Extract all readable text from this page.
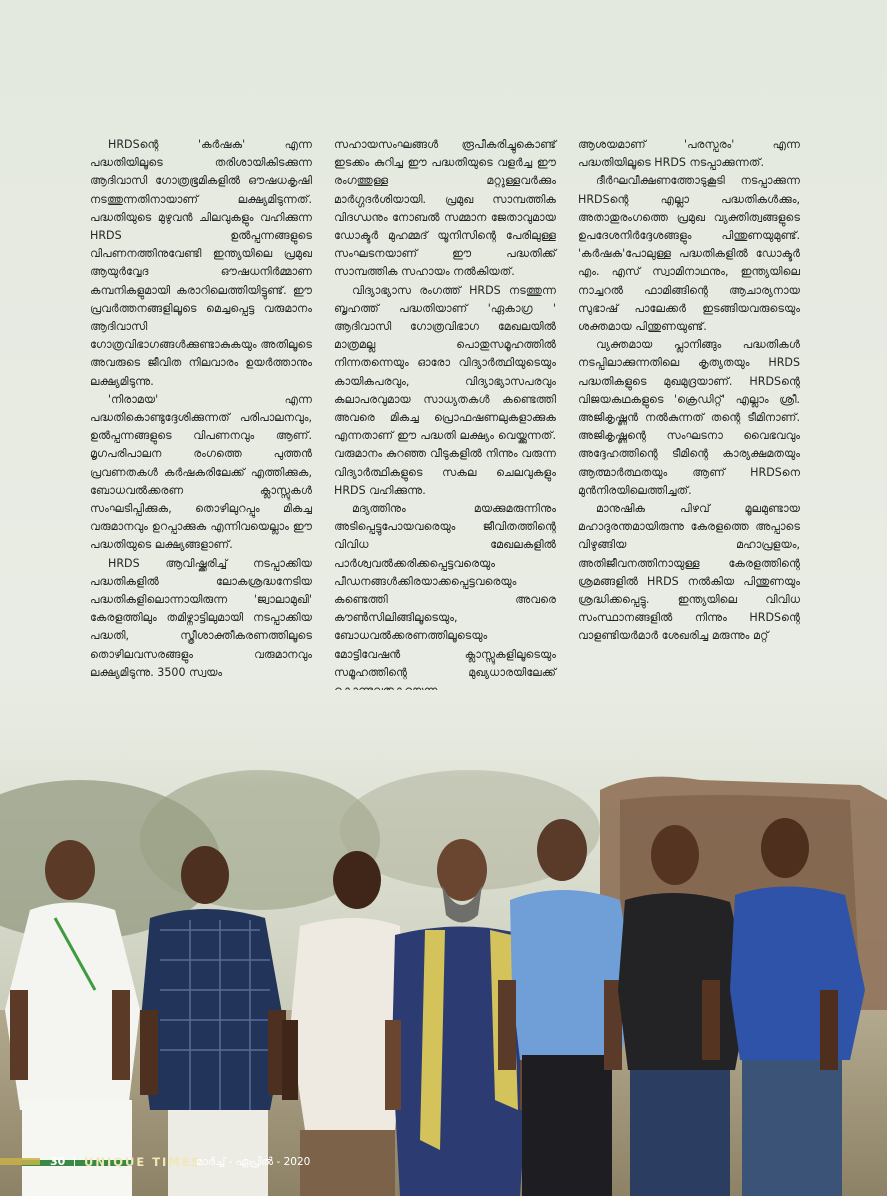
HRDSന്റെ 'കർഷക' എന്ന പദ്ധതിയിലൂടെ തരിശായികിടക്കുന്ന ആദിവാസി ഗോത്രഭൂമികളിൽ ഔഷധകൃഷി നടത്തുന്നതിനായാണ് ലക്ഷ്യമിടുന്നത്. പദ്ധതിയുടെ മുഴുവൻ ചിലവുകളും വഹിക്കുന്ന HRDS ഉൽപ്പന്നങ്ങളുടെ വിപണനത്തിനുവേണ്ടി ഇന്ത്യയിലെ പ്രമുഖ ആയുർവ്വേദ ഔഷധനിർമ്മാണ കമ്പനികളുമായി കരാറിലെത്തിയിട്ടുണ്ട്. ഈ പ്രവർത്തനങ്ങളിലൂടെ മെച്ചപ്പെട്ട വരുമാനം ആദിവാസി ഗോത്രവിഭാഗങ്ങൾക്കുണ്ടാകുകയും അതിലൂടെ അവരുടെ ജീവിത നിലവാരം ഉയർത്താനും ലക്ഷ്യമിടുന്നു.

'നിരാമയ' എന്ന പദ്ധതികൊണ്ടുദ്ദേശിക്കുന്നത് പരിപാലനവും, ഉൽപ്പന്നങ്ങളുടെ വിപണനവും ആണ്. മൃഗപരിപാലന രംഗത്തെ പുത്തൻ പ്രവണതകൾ കർഷകരിലേക്ക് എത്തിക്കുക, ബോധവൽക്കരണ ക്ലാസ്സുകൾ സംഘടിപ്പിക്കുക, തൊഴിലുറപ്പും മികച്ച വരുമാനവും ഉറപ്പാക്കുക എന്നിവയെല്ലാം ഈ പദ്ധതിയുടെ ലക്ഷ്യങ്ങളാണ്.

HRDS ആവിഷ്ക്കരിച്ച് നടപ്പാക്കിയ പദ്ധതികളിൽ ലോകശ്രദ്ധനേടിയ പദ്ധതികളിലൊന്നായിരുന്ന 'ജ്വാലാമുഖി' കേരളത്തിലും തമിഴ്നാട്ടിലുമായി നടപ്പാക്കിയ പദ്ധതി, സ്ത്രീശാക്തീകരണത്തിലൂടെ തൊഴിലവസരങ്ങളും വരുമാനവും ലക്ഷ്യമിടുന്നു. 3500 സ്വയം

സഹായസംഘങ്ങൾ രൂപീകരിച്ചുകൊണ്ട് ഇടക്കം കുറിച്ച ഈ പദ്ധതിയുടെ വളർച്ച ഈ രംഗത്തുള്ള മറ്റുള്ളവർക്കും മാർഗ്ഗദർശിയായി. പ്രമുഖ സാമ്പത്തിക വിദഗ്ധനും നോബൽ സമ്മാന ജേതാവുമായ ഡോക്ടർ മുഹമ്മദ് യൂനിസിന്റെ പേരിലുള്ള സംഘടനയാണ് ഈ പദ്ധതിക്ക് സാമ്പത്തിക സഹായം നൽകിയത്.

വിദ്യാഭ്യാസ രംഗത്ത് HRDS നടത്തുന്ന ബൃഹത്ത് പദ്ധതിയാണ് 'ഏകാഗ്ര ' ആദിവാസി ഗോത്രവിഭാഗ മേഖലയിൽ മാത്രമല്ല പൊതുസമൂഹത്തിൽ നിന്നതന്നെയും ഓരോ വിദ്യാർത്ഥിയുടെയും കായികപരവും, വിദ്യാഭ്യാസപരവും കലാപരവുമായ സാധ്യതകൾ കണ്ടെത്തി അവരെ മികച്ച പ്രൊഫഷണലുകളാക്കുക എന്നതാണ് ഈ പദ്ധതി ലക്ഷ്യം വെയ്ക്കുന്നത്. വരുമാനം കുറഞ്ഞ വീടുകളിൽ നിന്നും വരുന്ന വിദ്യാർത്ഥികളുടെ സകല ചെലവുകളും HRDS വഹിക്കുന്നു.

മദ്യത്തിനും മയക്കുമരുന്നിനും അടിപ്പെട്ടുപോയവരെയും ജീവിതത്തിന്റെ വിവിധ മേഖലകളിൽ പാർശ്വവൽക്കരിക്കപ്പെട്ടവരെയും പീഡനങ്ങൾക്കിരയാക്കപ്പെട്ടവരെയും കണ്ടെത്തി അവരെ കൗൺസിലിങ്ങിലൂടെയും, ബോധവൽക്കരണത്തിലൂടെയും മോട്ടിവേഷൻ ക്ലാസ്സുകളിലൂടെയും സമൂഹത്തിന്റെ മുഖ്യധാരയിലേക്ക്

ആശയമാണ് 'പരസ്പരം' എന്ന പദ്ധതിയിലൂടെ HRDS നടപ്പാക്കുന്നത്.

ദീർഘവീക്ഷണത്തോടുകൂടി നടപ്പാക്കുന്ന HRDSന്റെ എല്ലാ പദ്ധതികൾക്കും, അതാതുരംഗത്തെ പ്രമുഖ വ്യക്തിത്വങ്ങളുടെ ഉപദേശനിർദ്ദേശങ്ങളും പിന്തുണയുമുണ്ട്. 'കർഷക'പോലുള്ള പദ്ധതികളിൽ ഡോക്ടർ എം. എസ് സ്വാമിനാഥനും, ഇന്ത്യയിലെ നാച്ചറൽ ഫാമിങ്ങിന്റെ ആചാര്യനായ സുഭാഷ് പാലേക്കർ ഇടങ്ങിയവരുടെയും ശക്തമായ പിന്തുണയുണ്ട്.

വ്യക്തമായ പ്ലാനിങ്ങും പദ്ധതികൾ നടപ്പിലാക്കുന്നതിലെ കൃത്യതയും HRDS പദ്ധതികളുടെ മുഖമുദ്രയാണ്. HRDSന്റെ വിജയകഥകളുടെ 'ക്രെഡിറ്റ്' എല്ലാം ശ്രീ. അജികൃഷ്ണൻ നൽകുന്നത് തന്റെ ടീമിനാണ്. അജികൃഷ്ണന്റെ സംഘടനാ വൈഭവവും അദ്ദേഹത്തിന്റെ ടീമിന്റെ കാര്യക്ഷമതയും ആത്മാർത്ഥതയും ആണ് HRDSനെ മുൻനിരയിലെത്തിച്ചത്.

മാനുഷിക പിഴവ് മൂലമുണ്ടായ മഹാദുരന്തമായിരുന്നു കേരളത്തെ അപ്പാടെ വിഴുങ്ങിയ മഹാപ്രളയം, അതിജീവനത്തിനായുള്ള കേരളത്തിന്റെ ശ്രമങ്ങളിൽ HRDS നൽകിയ പിന്തുണയും ശ്രദ്ധിക്കപ്പെട്ടു. ഇന്ത്യയിലെ വിവിധ സംസ്ഥാനങ്ങളിൽ നിന്നും HRDSന്റെ വാളണ്ടിയർമാർ ശേഖരിച്ച മരുന്നും മറ്റ്

30 UNIQUE TIMES
മാർച്ച് - ഏപ്രിൽ - 2020
